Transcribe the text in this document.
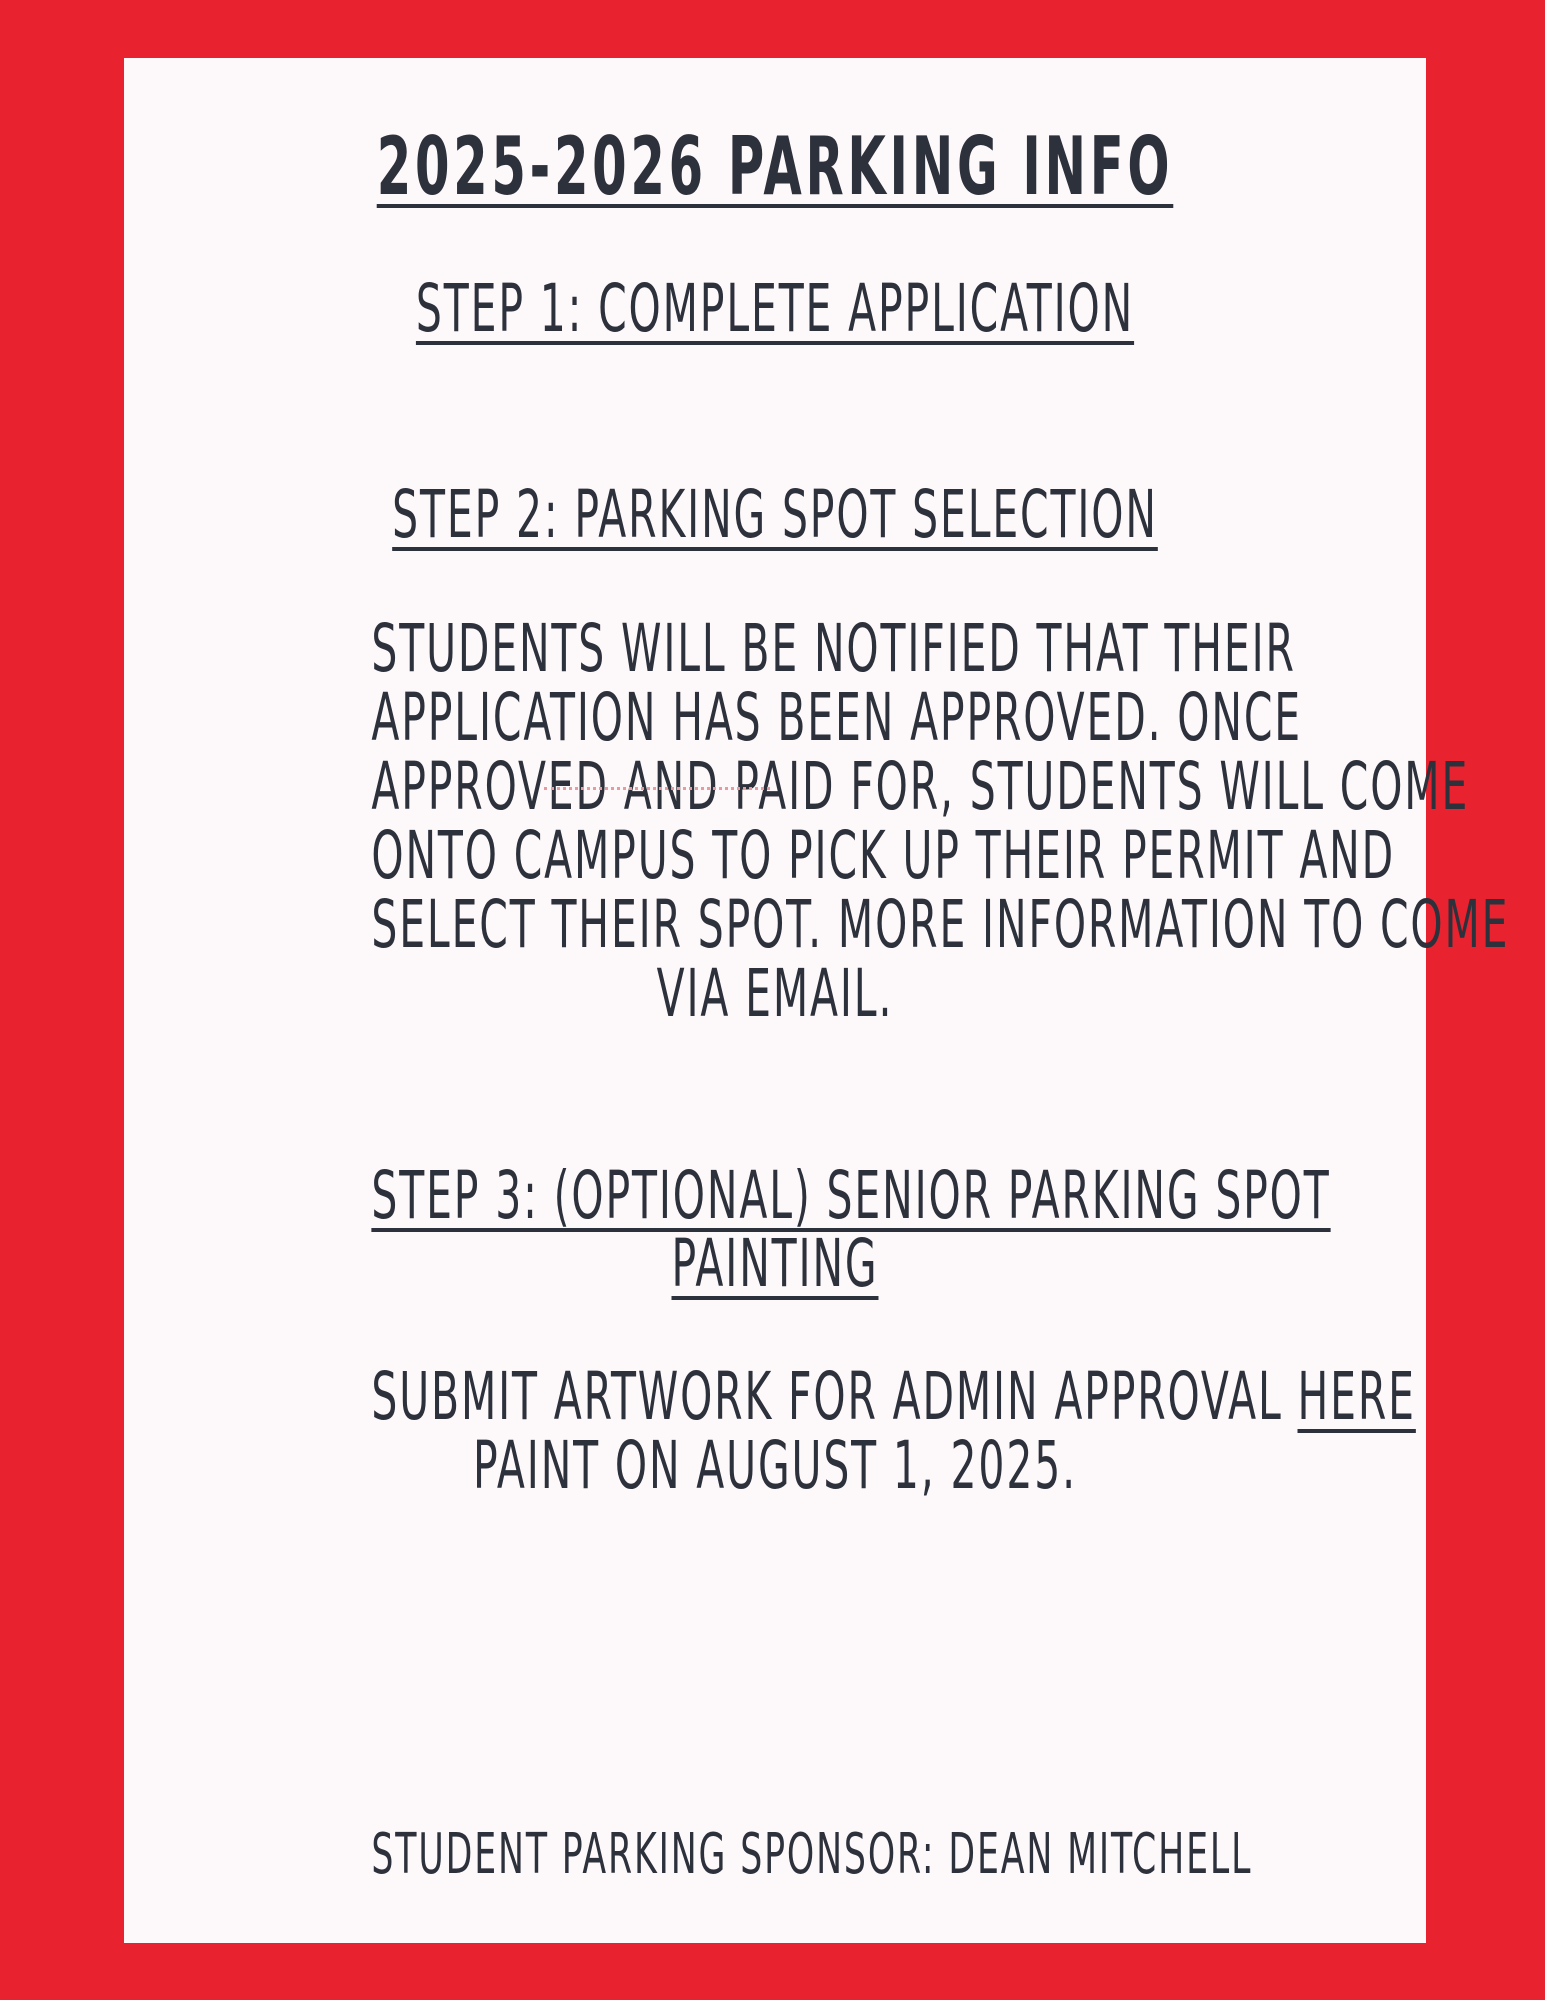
2025-2026 PARKING INFO
STEP 1: COMPLETE APPLICATION
STEP 2: PARKING SPOT SELECTION
STUDENTS WILL BE NOTIFIED THAT THEIR
APPLICATION HAS BEEN APPROVED. ONCE
APPROVED AND PAID FOR, STUDENTS WILL COME
ONTO CAMPUS TO PICK UP THEIR PERMIT AND
SELECT THEIR SPOT. MORE INFORMATION TO COME
VIA EMAIL.
STEP 3: (OPTIONAL) SENIOR PARKING SPOT
PAINTING
SUBMIT ARTWORK FOR ADMIN APPROVAL HERE
PAINT ON AUGUST 1, 2025.
STUDENT PARKING SPONSOR: DEAN MITCHELL
